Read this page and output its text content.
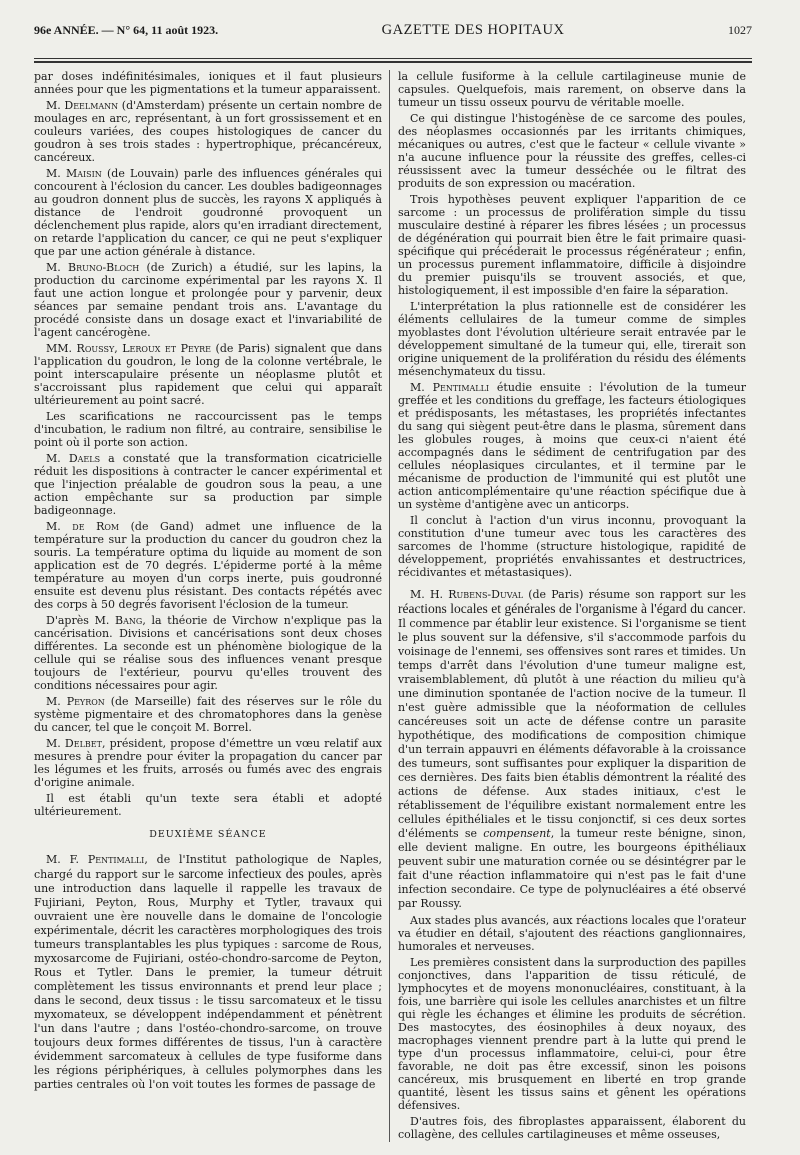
96e ANNÉE. — N° 64, 11 août 1923.	GAZETTE DES HOPITAUX	1027

par doses indéfinitésimales, ioniques et il faut plusieurs années pour que les pigmentations et la tumeur apparaissent.

M. Deelmann (d'Amsterdam) présente un certain nombre de moulages en arc, représentant, à un fort grossissement et en couleurs variées, des coupes histologiques de cancer du goudron à ses trois stades : hypertrophique, précancéreux, cancéreux.

M. Maisin (de Louvain) parle des influences générales qui concourent à l'éclosion du cancer. Les doubles badigeonnages au goudron donnent plus de succès, les rayons X appliqués à distance de l'endroit goudronné provoquent un déclenchement plus rapide, alors qu'en irradiant directement, on retarde l'application du cancer, ce qui ne peut s'expliquer que par une action générale à distance.

M. Bruno-Bloch (de Zurich) a étudié, sur les lapins, la production du carcinome expérimental par les rayons X. Il faut une action longue et prolongée pour y parvenir, deux séances par semaine pendant trois ans. L'avantage du procédé consiste dans un dosage exact et l'invariabilité de l'agent cancérogène.

MM. Roussy, Leroux et Peyre (de Paris) signalent que dans l'application du goudron, le long de la colonne vertébrale, le point interscapulaire présente un néoplasme plutôt et s'accroissant plus rapidement que celui qui apparaît ultérieurement au point sacré.

Les scarifications ne raccourcissent pas le temps d'incubation, le radium non filtré, au contraire, sensibilise le point où il porte son action.

M. Daels a constaté que la transformation cicatricielle réduit les dispositions à contracter le cancer expérimental et que l'injection préalable de goudron sous la peau, a une action empêchante sur sa production par simple badigeonnage.

M. de Rom (de Gand) admet une influence de la température sur la production du cancer du goudron chez la souris. La température optima du liquide au moment de son application est de 70 degrés. L'épiderme porté à la même température au moyen d'un corps inerte, puis goudronné ensuite est devenu plus résistant. Des contacts répétés avec des corps à 50 degrés favorisent l'éclosion de la tumeur.

D'après M. Bang, la théorie de Virchow n'explique pas la cancérisation. Divisions et cancérisations sont deux choses différentes. La seconde est un phénomène biologique de la cellule qui se réalise sous des influences venant presque toujours de l'extérieur, pourvu qu'elles trouvent des conditions nécessaires pour agir.

M. Peyron (de Marseille) fait des réserves sur le rôle du système pigmentaire et des chromatophores dans la genèse du cancer, tel que le conçoit M. Borrel.

M. Delbet, président, propose d'émettre un vœu relatif aux mesures à prendre pour éviter la propagation du cancer par les légumes et les fruits, arrosés ou fumés avec des engrais d'origine animale.

Il est établi qu'un texte sera établi et adopté ultérieurement.

DEUXIÈME SÉANCE

M. F. Pentimalli, de l'Institut pathologique de Naples, chargé du rapport sur le sarcome infectieux des poules, après une introduction dans laquelle il rappelle les travaux de Fujiriani, Peyton, Rous, Murphy et Tytler, travaux qui ouvraient une ère nouvelle dans le domaine de l'oncologie expérimentale, décrit les caractères morphologiques des trois tumeurs transplantables les plus typiques : sarcome de Rous, myxosarcome de Fujiriani, ostéo-chondro-sarcome de Peyton, Rous et Tytler. Dans le premier, la tumeur détruit complètement les tissus environnants et prend leur place ; dans le second, deux tissus : le tissu sarcomateux et le tissu myxomateux, se développent indépendamment et pénètrent l'un dans l'autre ; dans l'ostéo-chondro-sarcome, on trouve toujours deux formes différentes de tissus, l'un à caractère évidemment sarcomateux à cellules de type fusiforme dans les régions périphériques, à cellules polymorphes dans les parties centrales où l'on voit toutes les formes de passage de

la cellule fusiforme à la cellule cartilagineuse munie de capsules. Quelquefois, mais rarement, on observe dans la tumeur un tissu osseux pourvu de véritable moelle.

Ce qui distingue l'histogénèse de ce sarcome des poules, des néoplasmes occasionnés par les irritants chimiques, mécaniques ou autres, c'est que le facteur « cellule vivante » n'a aucune influence pour la réussite des greffes, celles-ci réussissent avec la tumeur desséchée ou le filtrat des produits de son expression ou macération.

Trois hypothèses peuvent expliquer l'apparition de ce sarcome : un processus de prolifération simple du tissu musculaire destiné à réparer les fibres lésées ; un processus de dégénération qui pourrait bien être le fait primaire quasi-spécifique qui précéderait le processus régénérateur ; enfin, un processus purement inflammatoire, difficile à disjoindre du premier puisqu'ils se trouvent associés, et que, histologiquement, il est impossible d'en faire la séparation.

L'interprétation la plus rationnelle est de considérer les éléments cellulaires de la tumeur comme de simples myoblastes dont l'évolution ultérieure serait entravée par le développement simultané de la tumeur qui, elle, tirerait son origine uniquement de la prolifération du résidu des éléments mésenchymateux du tissu.

M. Pentimalli étudie ensuite : l'évolution de la tumeur greffée et les conditions du greffage, les facteurs étiologiques et prédisposants, les métastases, les propriétés infectantes du sang qui siègent peut-être dans le plasma, sûrement dans les globules rouges, à moins que ceux-ci n'aient été accompagnés dans le sédiment de centrifugation par des cellules néoplasiques circulantes, et il termine par le mécanisme de production de l'immunité qui est plutôt une action anticomplémentaire qu'une réaction spécifique due à un système d'antigène avec un anticorps.

Il conclut à l'action d'un virus inconnu, provoquant la constitution d'une tumeur avec tous les caractères des sarcomes de l'homme (structure histologique, rapidité de développement, propriétés envahissantes et destructrices, récidivantes et métastasiques).

M. H. Rubens-Duval (de Paris) résume son rapport sur les réactions locales et générales de l'organisme à l'égard du cancer. Il commence par établir leur existence. Si l'organisme se tient le plus souvent sur la défensive, s'il s'accommode parfois du voisinage de l'ennemi, ses offensives sont rares et timides. Un temps d'arrêt dans l'évolution d'une tumeur maligne est, vraisemblablement, dû plutôt à une réaction du milieu qu'à une diminution spontanée de l'action nocive de la tumeur. Il n'est guère admissible que la néoformation de cellules cancéreuses soit un acte de défense contre un parasite hypothétique, des modifications de composition chimique d'un terrain appauvri en éléments défavorable à la croissance des tumeurs, sont suffisantes pour expliquer la disparition de ces dernières. Des faits bien établis démontrent la réalité des actions de défense. Aux stades initiaux, c'est le rétablissement de l'équilibre existant normalement entre les cellules épithéliales et le tissu conjonctif, si ces deux sortes d'éléments se compensent, la tumeur reste bénigne, sinon, elle devient maligne. En outre, les bourgeons épithéliaux peuvent subir une maturation cornée ou se désintégrer par le fait d'une réaction inflammatoire qui n'est pas le fait d'une infection secondaire. Ce type de polynucléaires a été observé par Roussy.

Aux stades plus avancés, aux réactions locales que l'orateur va étudier en détail, s'ajoutent des réactions ganglionnaires, humorales et nerveuses.

Les premières consistent dans la surproduction des papilles conjonctives, dans l'apparition de tissu réticulé, de lymphocytes et de moyens mononucléaires, constituant, à la fois, une barrière qui isole les cellules anarchistes et un filtre qui règle les échanges et élimine les produits de sécrétion. Des mastocytes, des éosinophiles à deux noyaux, des macrophages viennent prendre part à la lutte qui prend le type d'un processus inflammatoire, celui-ci, pour être favorable, ne doit pas être excessif, sinon les poisons cancéreux, mis brusquement en liberté en trop grande quantité, lèsent les tissus sains et gênent les opérations défensives.

D'autres fois, des fibroplastes apparaissent, élaborent du collagène, des cellules cartilagineuses et même osseuses,
